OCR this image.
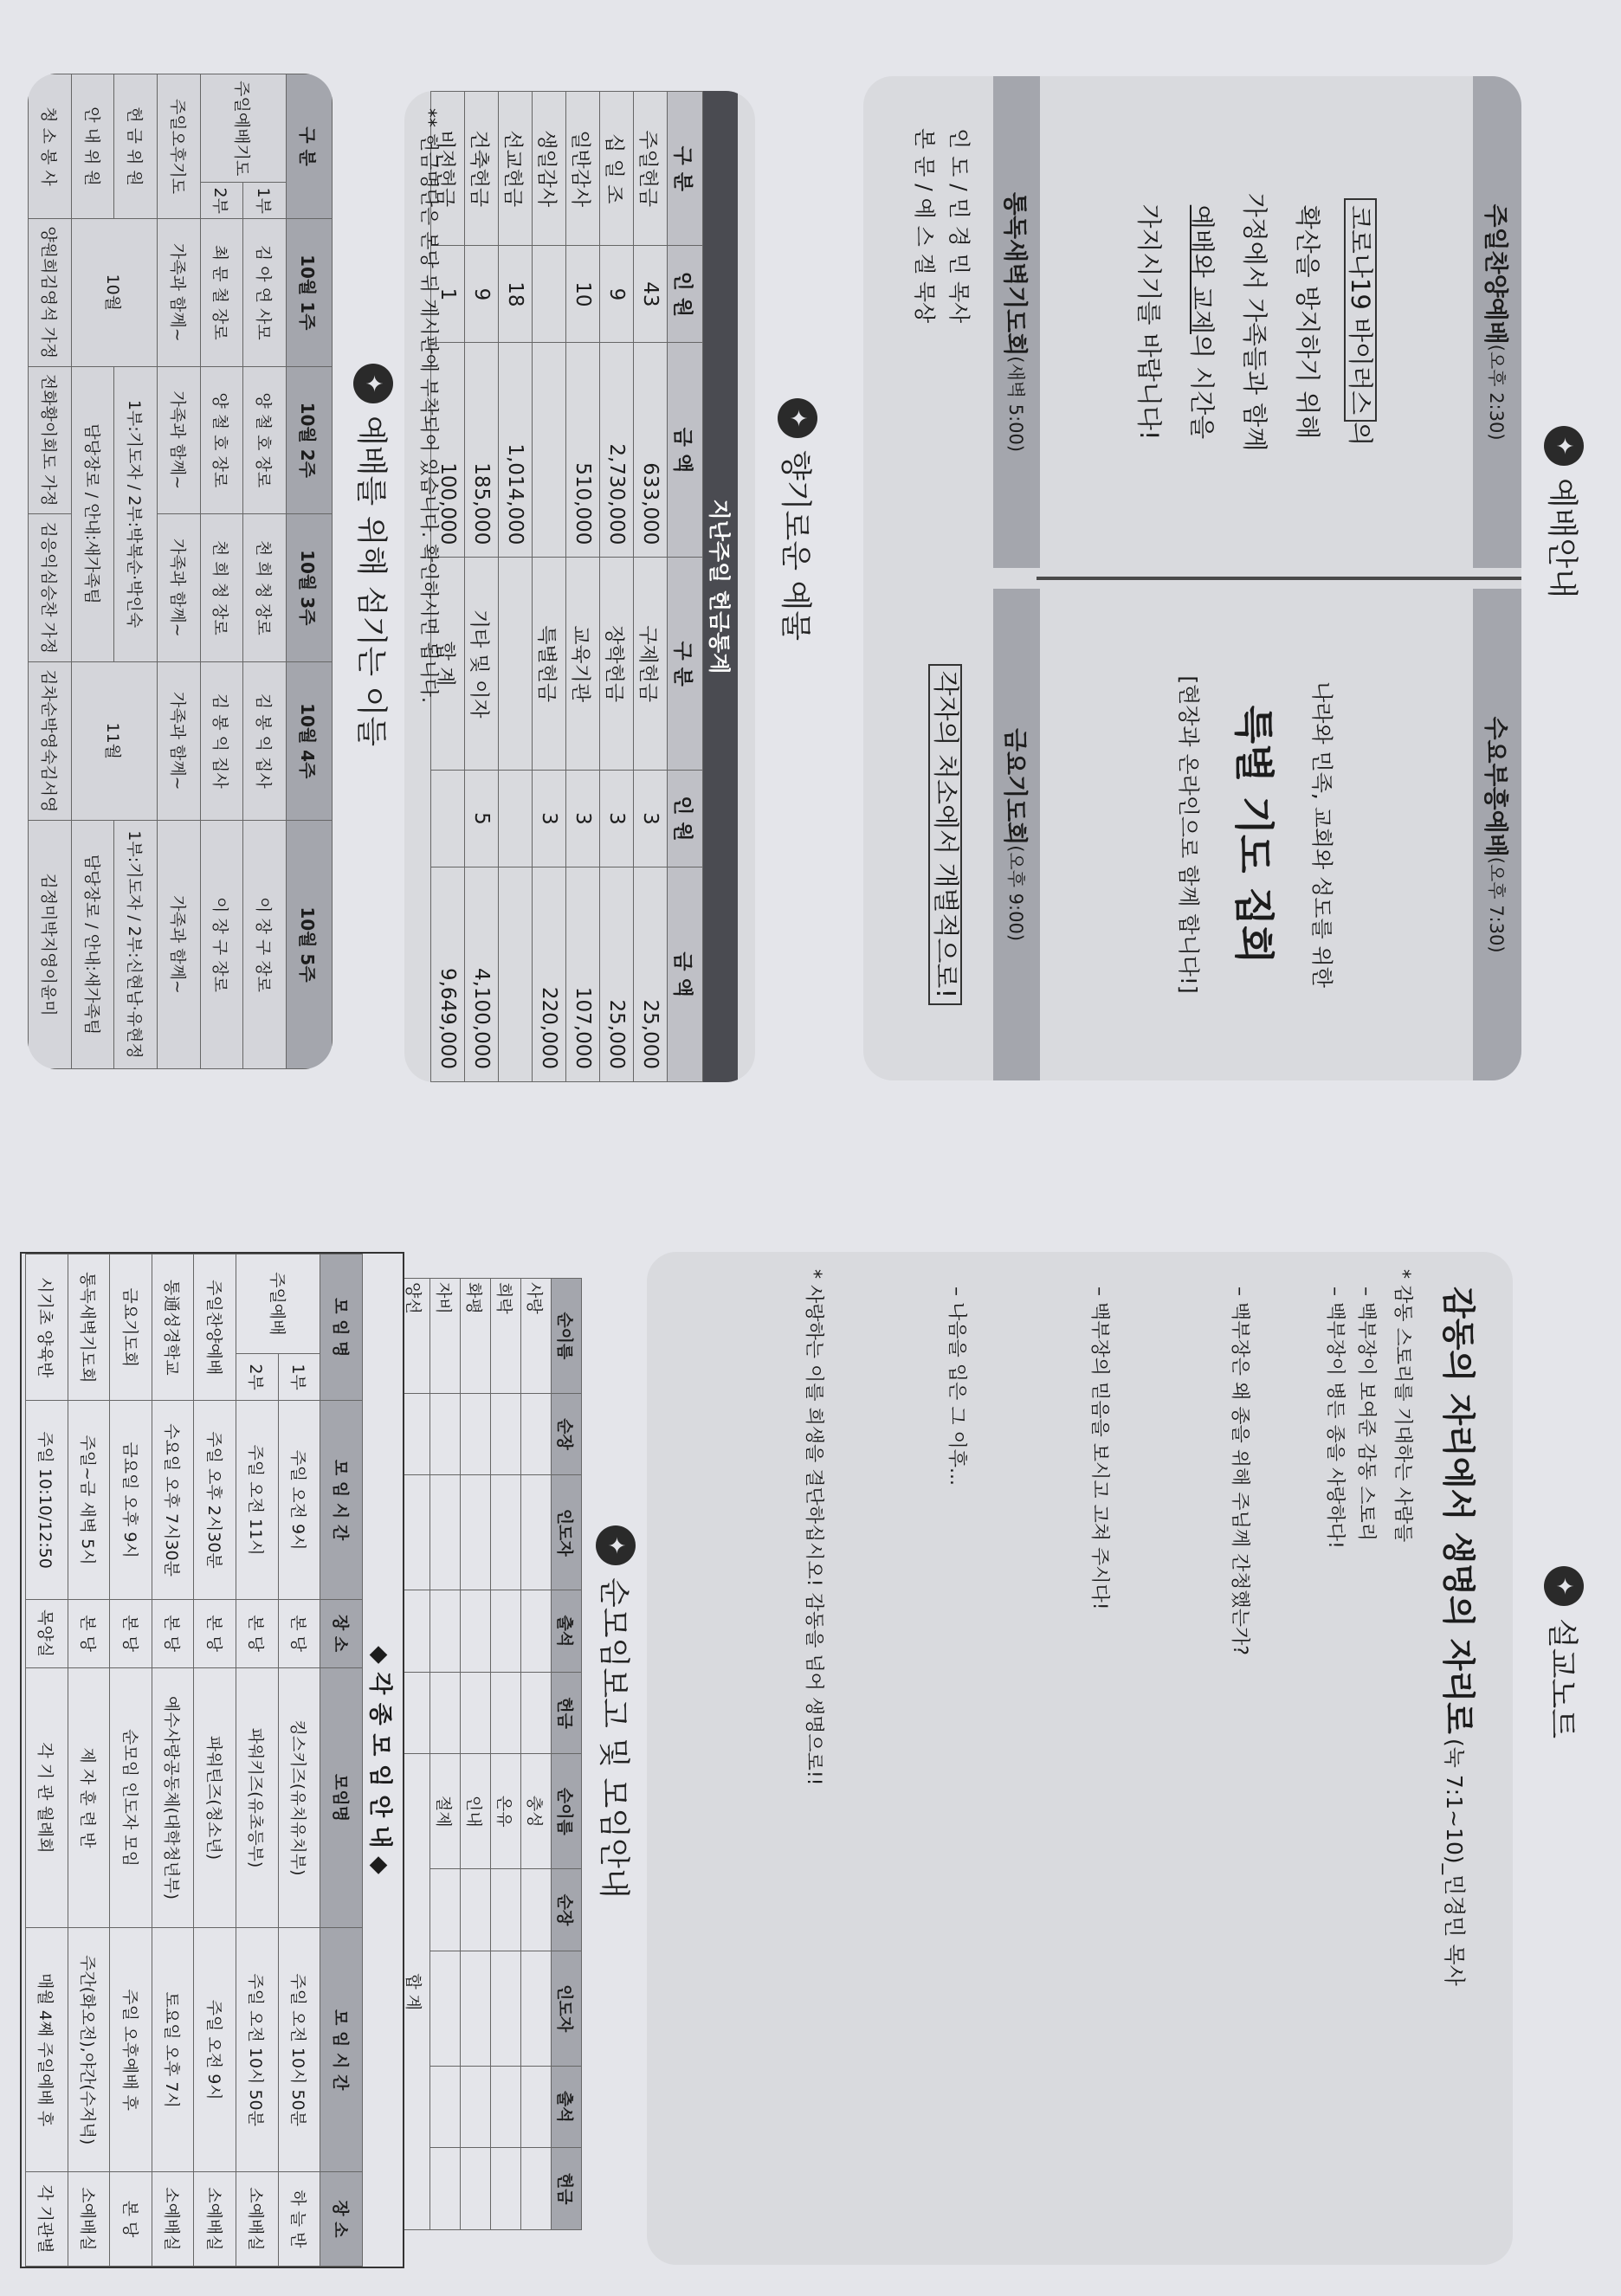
✦
예배안내
주일찬양예배
(오후 2:30)
코로나19 바이러스의
확산을 방지하기 위해
가정에서 가족들과 함께
예배와 교제의 시간을
가지시기를 바랍니다!
수요부흥예배
(오후 7:30)
나라와 민족, 교회와 성도를 위한
특별 기도 집회
[현장과 온라인으로 함께 합니다!]
통독새벽기도회
(새벽 5:00)
인 도 / 민 경 민 목사
본 문 / 예 스 겔 묵상
금요기도회
(오후 9:00)
각자의 처소에서 개별적으로!
✦
향기로운 예물
지난주일 헌금통계
구 분	인 원	금 액	구 분	인 원	금 액
주일헌금	43	633,000	구제헌금	3	25,000
십 일 조	9	2,730,000	장학헌금	3	25,000
일반감사	10	510,000	교육기관	3	107,000
생일감사			특별헌금	3	220,000
선교헌금	18	1,014,000			
건축헌금	9	185,000	기타 및 이자	5	4,100,000
비전헌금	1	100,000	합 계		9,649,000
** 헌금명단은 본당 뒤 게시판에 부착되어 있습니다. 확인하시면 됩니다.
✦
예배를 위해 섬기는 이들
구 분		10월 1주	10월 2주	10월 3주	10월 4주	10월 5주
주일예배기도	1부	김 아 연 사모	양 철 호 장로	천 희 청 장로	김 봉 익 집사	이 장 구 장로
	2부	최 문 철 장로	양 철 호 장로	천 희 청 장로	김 봉 익 집사	이 장 구 장로
주일오후기도		가족과 함께~	가족과 함께~	가족과 함께~	가족과 함께~	가족과 함께~
헌 금 위 원		10월	1부:기도자 / 2부:박복순·박인숙		11월	1부:기도자 / 2부:신현남·유현정
안 내 위 원			담당장로 / 안내:새가족팀			담당장로 / 안내:새가족팀
청 소 봉 사		양원희김영석 가정	전화황이회도 가정	김응익심승찬 가정	김차순박영숙김서영	김정미박지영이윤미
✦
설교노트
감동의 자리에서 생명의 자리로 (눅 7:1~10)_민경민 목사
* 감동 스토리를 기대하는 사람들
– 백부장이 보여준 감동 스토리
– 백부장이 병든 종을 사랑하다!
– 백부장은 왜 종을 위해 주님께 간청했는가?
– 백부장의 믿음을 보시고 고쳐 주시다!
– 나음을 입은 그 이후...
* 사랑하는 이를 희생을 결단하십시오! 감동을 넘어 생명으로!!
✦
순모임보고 및 모임안내
순이름	순장	인도자	출석	헌금	순이름	순장	인도자	출석	헌금
사랑					충성				
희락					온유				
화평					인내				
자비					절제				
양선					합 계				
◆ 각 종 모 임 안 내 ◆
모 임 명		모 임 시 간	장 소	모임명	모 임 시 간	장 소
주일예배	1부	주일 오전 9시	본 당	킹스키즈(유치유치부)	주일 오전 10시 50분	하 늘 반
	2부	주일 오전 11시	본 당	파워키즈(유초등부)	주일 오전 10시 50분	소예배실
주일찬양예배		주일 오후 2시30분	본 당	파워틴즈(청소년)	주일 오전 9시	소예배실
통通성경학교		수요일 오후 7시30분	본 당	예수사랑공동체(대학청년부)	토요일 오후 7시	소예배실
금요기도회		금요일 오후 9시	본 당	순모임 인도자 모임	주일 오후예배 후	본 당
통독새벽기도회		주일~금 새벽 5시	본 당	제 자 훈 련 반	주간(화오전),야간(수저녁)	소예배실
시기초 양육반		주일 10:10/12:50	목양실	각 기 관 월례회	매월 4째 주일예배 후	각 기관별
